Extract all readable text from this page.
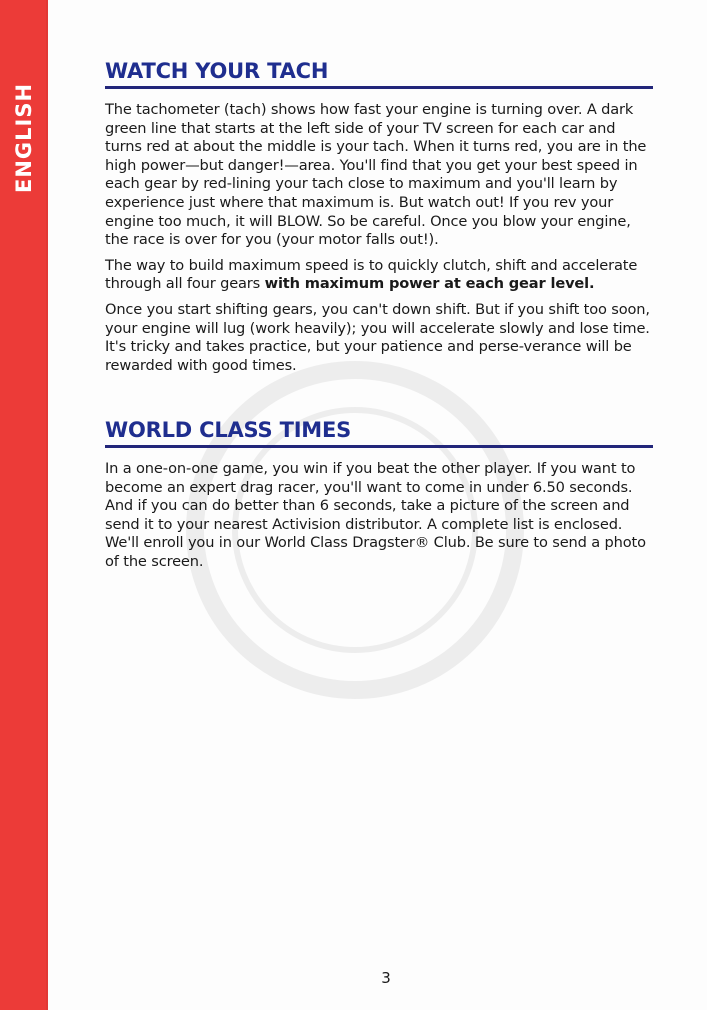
ENGLISH
WATCH YOUR TACH

The tachometer (tach) shows how fast your engine is turning over. A dark green line that starts at the left side of your TV screen for each car and turns red at about the middle is your tach. When it turns red, you are in the high power—but danger!—area. You'll find that you get your best speed in each gear by red-lining your tach close to maximum and you'll learn by experience just where that maximum is. But watch out! If you rev your engine too much, it will BLOW. So be careful. Once you blow your engine, the race is over for you (your motor falls out!).

The way to build maximum speed is to quickly clutch, shift and accelerate through all four gears with maximum power at each gear level.

Once you start shifting gears, you can't down shift. But if you shift too soon, your engine will lug (work heavily); you will accelerate slowly and lose time. It's tricky and takes practice, but your patience and perse-verance will be rewarded with good times.

WORLD CLASS TIMES

In a one-on-one game, you win if you beat the other player. If you want to become an expert drag racer, you'll want to come in under 6.50 seconds. And if you can do better than 6 seconds, take a picture of the screen and send it to your nearest Activision distributor. A complete list is enclosed. We'll enroll you in our World Class Dragster® Club. Be sure to send a photo of the screen.

3
